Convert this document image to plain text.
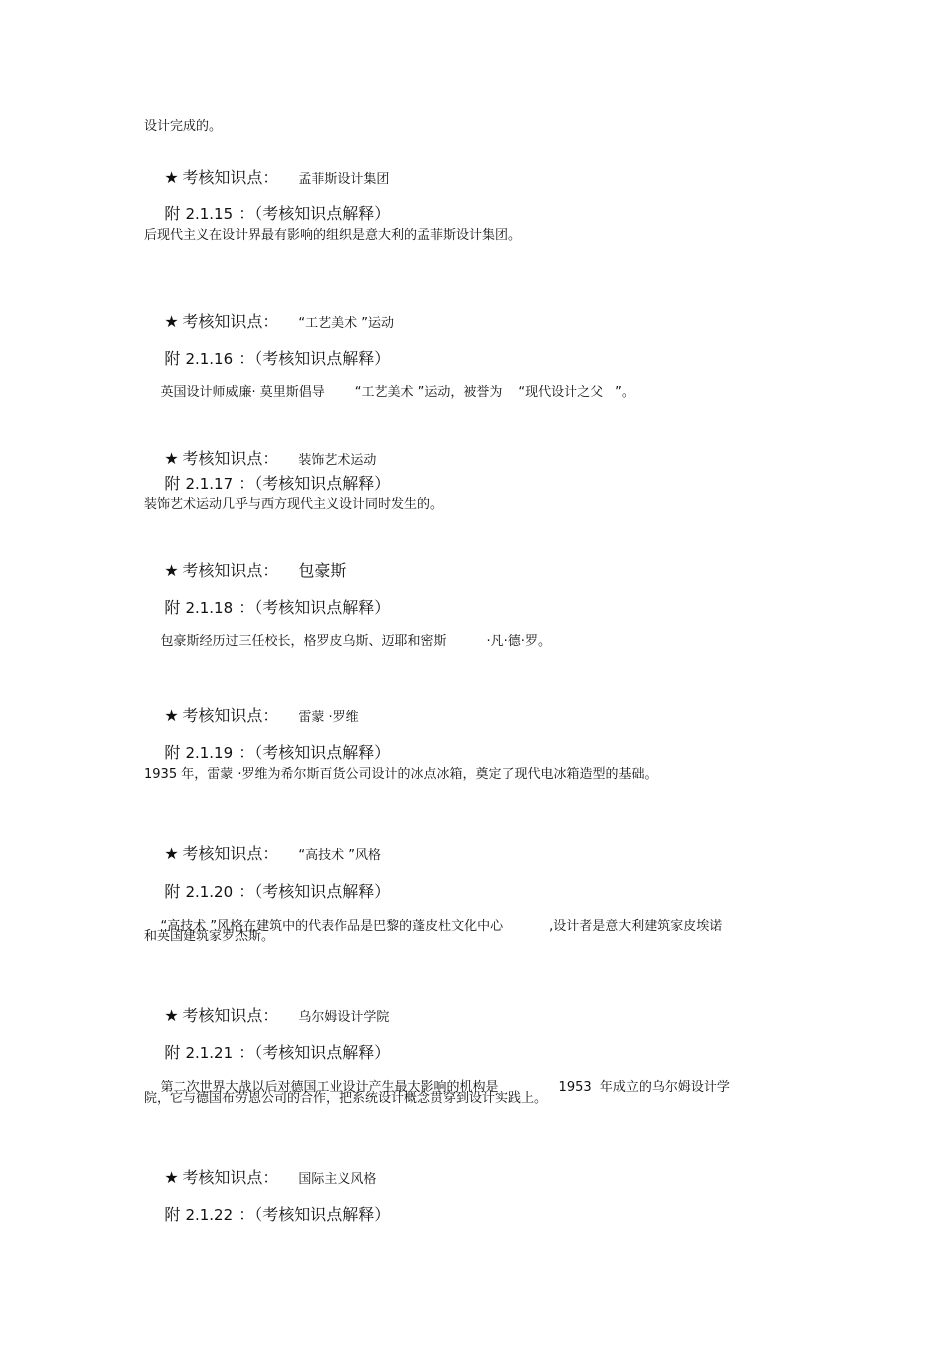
设计完成的。

★ 考核知识点： 孟菲斯设计集团

附 2.1.15 ：（考核知识点解释）

后现代主义在设计界最有影响的组织是意大利的孟菲斯设计集团。

★ 考核知识点： “工艺美术 ”运动

附 2.1.16 ：（考核知识点解释）

英国设计师威廉· 莫里斯倡导 “工艺美术 ”运动，被誉为 “现代设计之父 ”。

★ 考核知识点： 装饰艺术运动

附 2.1.17 ：（考核知识点解释）

装饰艺术运动几乎与西方现代主义设计同时发生的。

★ 考核知识点： 包豪斯

附 2.1.18 ：（考核知识点解释）

包豪斯经历过三任校长，格罗皮乌斯、迈耶和密斯	·凡·德·罗。

★ 考核知识点： 雷蒙 ·罗维

附 2.1.19 ：（考核知识点解释）

1935 年，雷蒙 ·罗维为希尔斯百货公司设计的冰点冰箱，奠定了现代电冰箱造型的基础。

★ 考核知识点： “高技术 ”风格

附 2.1.20 ：（考核知识点解释）

“高技术 ”风格在建筑中的代表作品是巴黎的蓬皮杜文化中心	,设计者是意大利建筑家皮埃诺

和英国建筑家罗杰斯。

★ 考核知识点： 乌尔姆设计学院

附 2.1.21 ：（考核知识点解释）

第二次世界大战以后对德国工业设计产生最大影响的机构是	1953  年成立的乌尔姆设计学

院，它与德国布劳恩公司的合作，把系统设计概念贯穿到设计实践上。

★ 考核知识点： 国际主义风格

附 2.1.22 ：（考核知识点解释）
